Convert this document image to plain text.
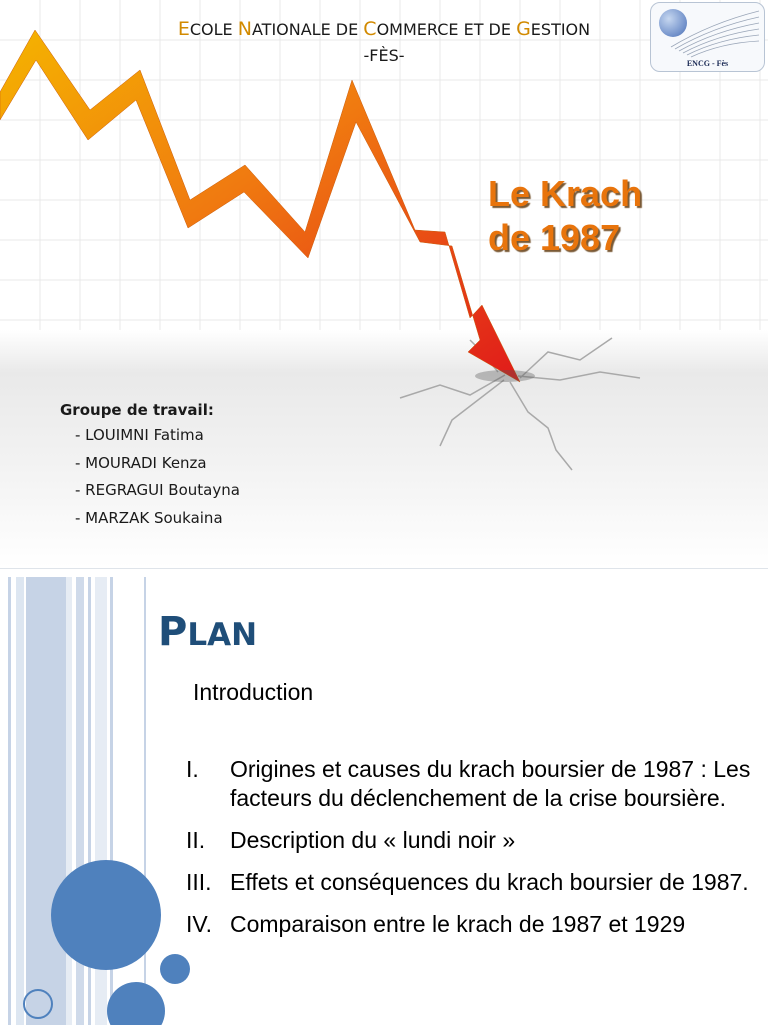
ECOLE NATIONALE DE COMMERCE ET DE GESTION
-FÈS-	ENCG - Fès
Le Krach
de 1987
Groupe de travail:
- LOUIMNI Fatima
- MOURADI Kenza
- REGRAGUI Boutayna
- MARZAK Soukaina
PLAN
Introduction
I.	Origines et causes du krach boursier de 1987 : Les facteurs du déclenchement de la crise boursière.
II.	Description du « lundi noir »
III. Effets et conséquences du krach boursier de 1987.
IV. Comparaison entre le krach de 1987 et 1929
